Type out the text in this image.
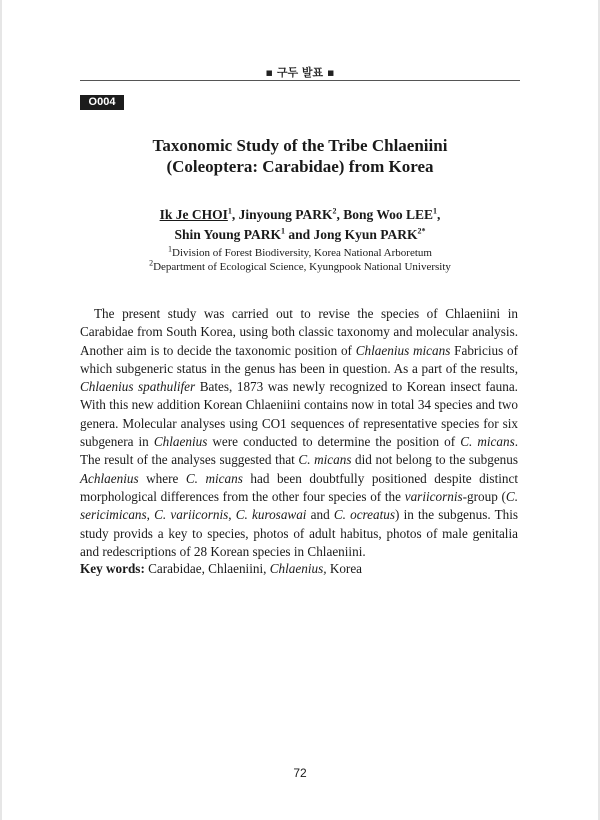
▪ 구두 발표 ▪
O004
Taxonomic Study of the Tribe Chlaeniini
(Coleoptera: Carabidae) from Korea
Ik Je CHOI$^1$, Jinyoung PARK$^2$, Bong Woo LEE$^1$,
Shin Young PARK$^1$ and Jong Kyun $PARK^{2*}$
$^1$Division of Forest Biodiversity, Korea National Arboretum
$^2$Department of Ecological Science, Kyungpook National University

The present study was carried out to revise the species of Chlaeniini in Carabidae from South Korea, using both classic taxonomy and molecular analysis. Another aim is to decide the taxonomic position of Chlaenius micans Fabricius of which subgeneric status in the genus has been in question. As a part of the results, Chlaenius spathulifer Bates, 1873 was newly recognized to Korean insect fauna. With this new addition Korean Chlaeniini contains now in total 34 species and two genera. Molecular analyses using CO1 sequences of representative species for six subgenera in Chlaenius were conducted to determine the position of C. micans. The result of the analyses suggested that C. micans did not belong to the subgenus Achlaenius where C. micans had been doubtfully positioned despite distinct morphological differences from the other four species of the variicornis-group (C. sericimicans, C. variicornis, C. kurosawai and C. ocreatus) in the subgenus. This study provids a key to species, photos of adult habitus, photos of male genitalia and redescriptions of 28 Korean species in Chlaeniini.

Key words: Carabidae, Chlaeniini, Chlaenius, Korea
72
